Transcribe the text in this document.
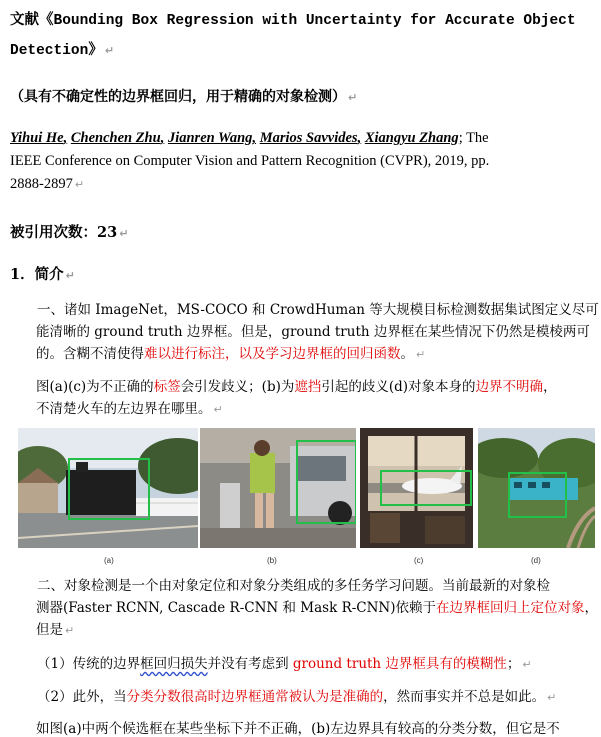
文献《Bounding Box Regression with Uncertainty for Accurate Object
Detection》 ↵
（具有不确定性的边界框回归，用于精确的对象检测） ↵
Yihui He, Chenchen Zhu, Jianren Wang, Marios Savvides, Xiangyu Zhang; The
IEEE Conference on Computer Vision and Pattern Recognition (CVPR), 2019, pp.
2888-2897 ↵
被引用次数：23 ↵
1．简介 ↵
一、诸如 ImageNet，MS-COCO 和 CrowdHuman 等大规模目标检测数据集试图定义尽可
能清晰的 ground truth 边界框。但是，ground truth 边界框在某些情况下仍然是模棱两可
的。含糊不清使得难以进行标注，以及学习边界框的回归函数。 ↵
图(a)(c)为不正确的标签会引发歧义；(b)为遮挡引起的歧义(d)对象本身的边界不明确，
不清楚火车的左边界在哪里。 ↵
(a)	(b)	(c)	(d)
二、对象检测是一个由对象定位和对象分类组成的多任务学习问题。当前最新的对象检
测器(Faster RCNN, Cascade R-CNN 和 Mask R-CNN)依赖于在边界框回归上定位对象，
但是 ↵
（1）传统的边界框回归损失并没有考虑到 ground truth 边界框具有的模糊性； ↵
（2）此外，当分类分数很高时边界框通常被认为是准确的，然而事实并不总是如此。 ↵
如图(a)中两个候选框在某些坐标下并不正确，(b)左边界具有较高的分类分数，但它是不
